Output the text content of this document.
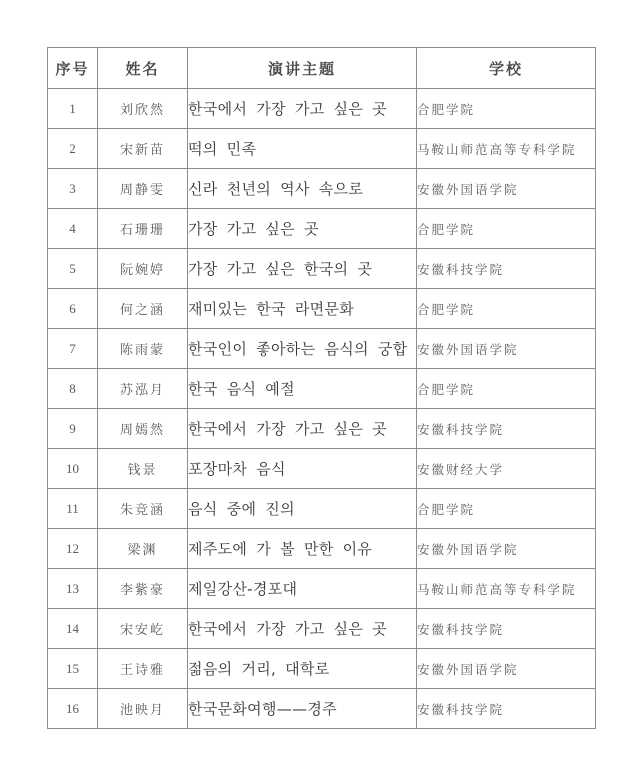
序号	姓名	演讲主题	学校
1	刘欣然	한국에서 가장 가고 싶은 곳	合肥学院
2	宋新苗	떡의 민족	马鞍山师范高等专科学院
3	周静雯	신라 천년의 역사 속으로	安徽外国语学院
4	石珊珊	가장 가고 싶은 곳	合肥学院
5	阮婉婷	가장 가고 싶은 한국의 곳	安徽科技学院
6	何之涵	재미있는 한국 라면문화	合肥学院
7	陈雨蒙	한국인이 좋아하는 음식의 궁합	安徽外国语学院
8	苏泓月	한국 음식 예절	合肥学院
9	周嫣然	한국에서 가장 가고 싶은 곳	安徽科技学院
10	钱景	포장마차 음식	安徽财经大学
11	朱竞涵	음식 중에 진의	合肥学院
12	梁渊	제주도에 가 볼 만한 이유	安徽外国语学院
13	李紫豪	제일강산-경포대	马鞍山师范高等专科学院
14	宋安屹	한국에서 가장 가고 싶은 곳	安徽科技学院
15	王诗雅	젊음의 거리, 대학로	安徽外国语学院
16	池映月	한국문화여행——경주	安徽科技学院
